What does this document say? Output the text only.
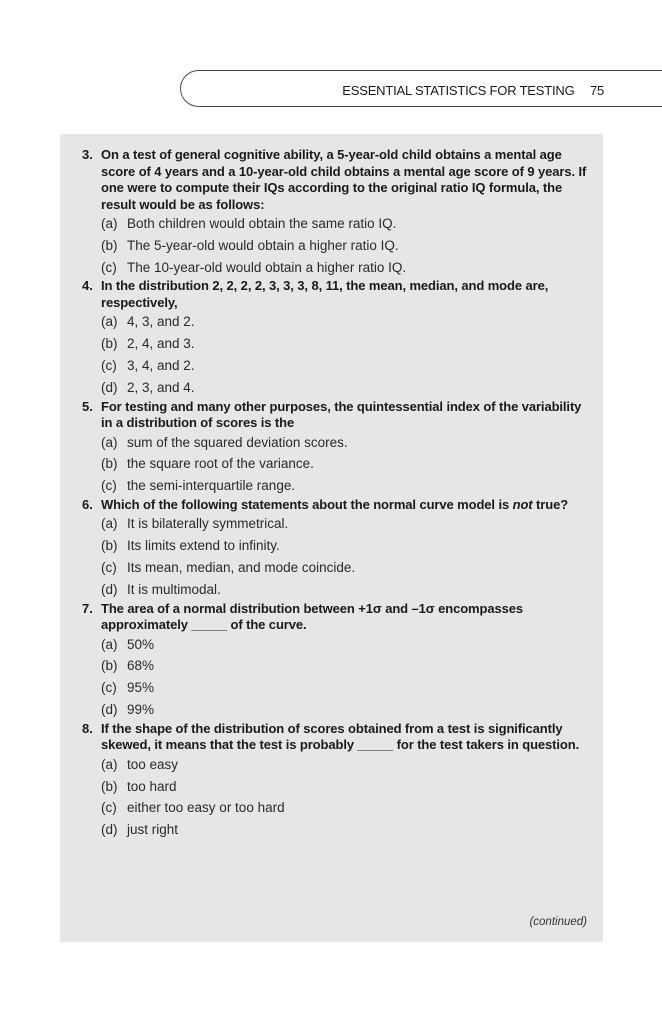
ESSENTIAL STATISTICS FOR TESTING 75
3. On a test of general cognitive ability, a 5-year-old child obtains a mental age score of 4 years and a 10-year-old child obtains a mental age score of 9 years. If one were to compute their IQs according to the original ratio IQ formula, the result would be as follows:
(a) Both children would obtain the same ratio IQ.
(b) The 5-year-old would obtain a higher ratio IQ.
(c) The 10-year-old would obtain a higher ratio IQ.
4. In the distribution 2, 2, 2, 2, 3, 3, 3, 8, 11, the mean, median, and mode are, respectively,
(a) 4, 3, and 2.
(b) 2, 4, and 3.
(c) 3, 4, and 2.
(d) 2, 3, and 4.
5. For testing and many other purposes, the quintessential index of the variability in a distribution of scores is the
(a) sum of the squared deviation scores.
(b) the square root of the variance.
(c) the semi-interquartile range.
6. Which of the following statements about the normal curve model is not true?
(a) It is bilaterally symmetrical.
(b) Its limits extend to infinity.
(c) Its mean, median, and mode coincide.
(d) It is multimodal.
7. The area of a normal distribution between +1σ and –1σ encompasses approximately _____ of the curve.
(a) 50%
(b) 68%
(c) 95%
(d) 99%
8. If the shape of the distribution of scores obtained from a test is significantly skewed, it means that the test is probably _____ for the test takers in question.
(a) too easy
(b) too hard
(c) either too easy or too hard
(d) just right
(continued)
